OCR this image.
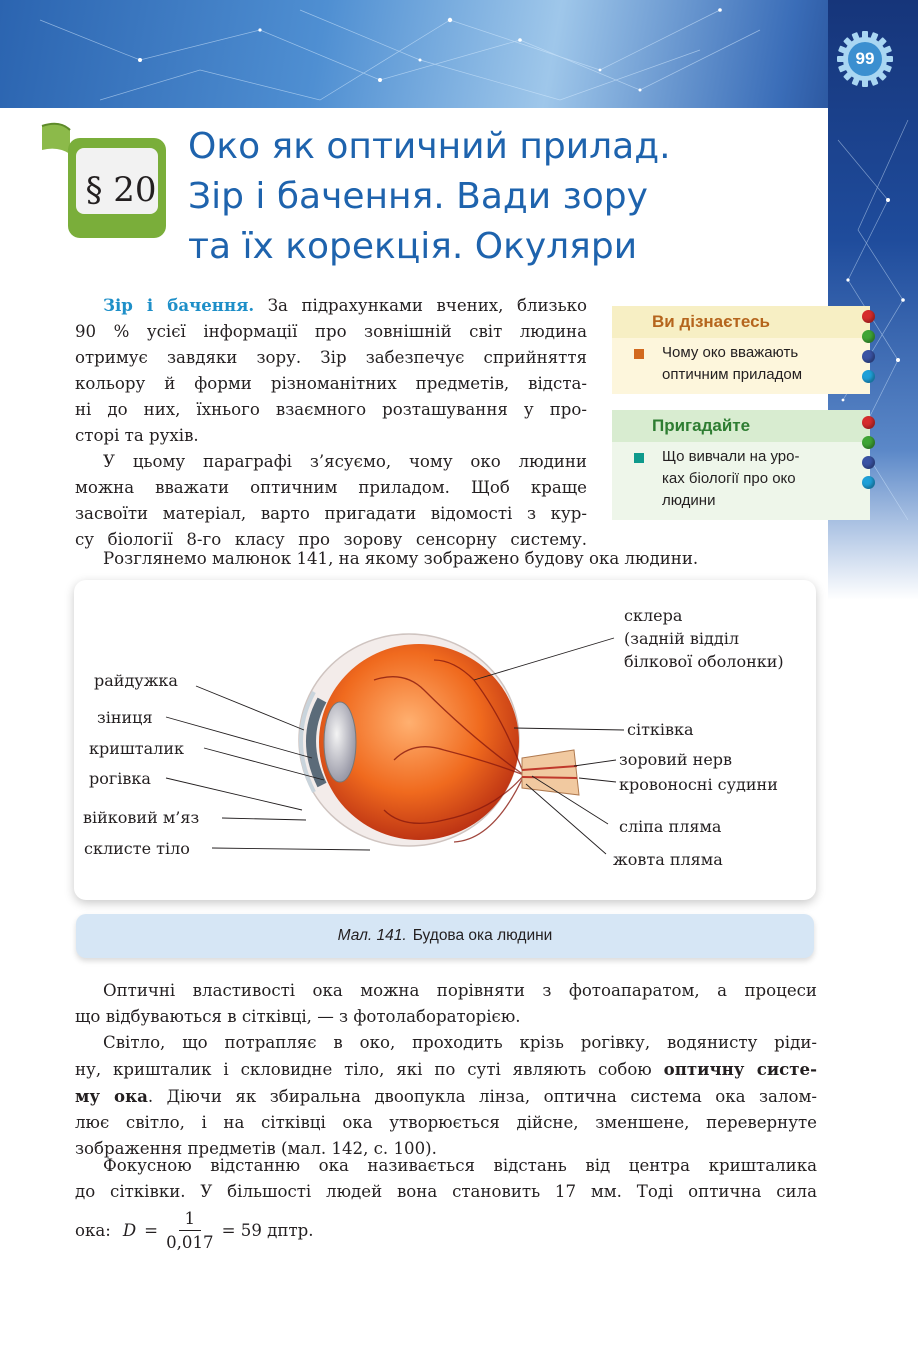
99
§ 20
Око як оптичний прилад.
Зір і бачення. Вади зору
та їх корекція. Окуляри
Зір і бачення. За підрахунками вчених, близько
90 % усієї інформації про зовнішній світ людина
отримує завдяки зору. Зір забезпечує сприйняття
кольору й форми різноманітних предметів, відста-
ні до них, їхнього взаємного розташування у про-
сторі та рухів.
У цьому параграфі з’ясуємо, чому око людини
можна вважати оптичним приладом. Щоб краще
засвоїти матеріал, варто пригадати відомості з кур-
су біології 8-го класу про зорову сенсорну систему.
Розглянемо малюнок 141, на якому зображено будову ока людини.
Ви дізнаєтесь
Чому око вважають
оптичним приладом
Пригадайте
Що вивчали на уро-
ках біології про око
людини
райдужка
зіниця
кришталик
рогівка
війковий м’яз
склисте тіло
склера
(задній відділ
білкової оболонки)
сітківка
зоровий нерв
кровоносні судини
сліпа пляма
жовта пляма
Мал. 141. Будова ока людини
Оптичні властивості ока можна порівняти з фотоапаратом, а процеси
що відбуваються в сітківці, — з фотолабораторією.
Світло, що потрапляє в око, проходить крізь рогівку, водянисту ріди-
ну, кришталик і скловидне тіло, які по суті являють собою оптичну систе-
му ока. Діючи як збиральна двоопукла лінза, оптична система ока залом-
лює світло, і на сітківці ока утворюється дійсне, зменшене, перевернуте
зображення предметів (мал. 142, с. 100).
Фокусною відстанню ока називається відстань від центра кришталика
до сітківки. У більшості людей вона становить 17 мм. Тоді оптична сила
ока: $D = \frac{1}{0,017} = 59$ дптр.
